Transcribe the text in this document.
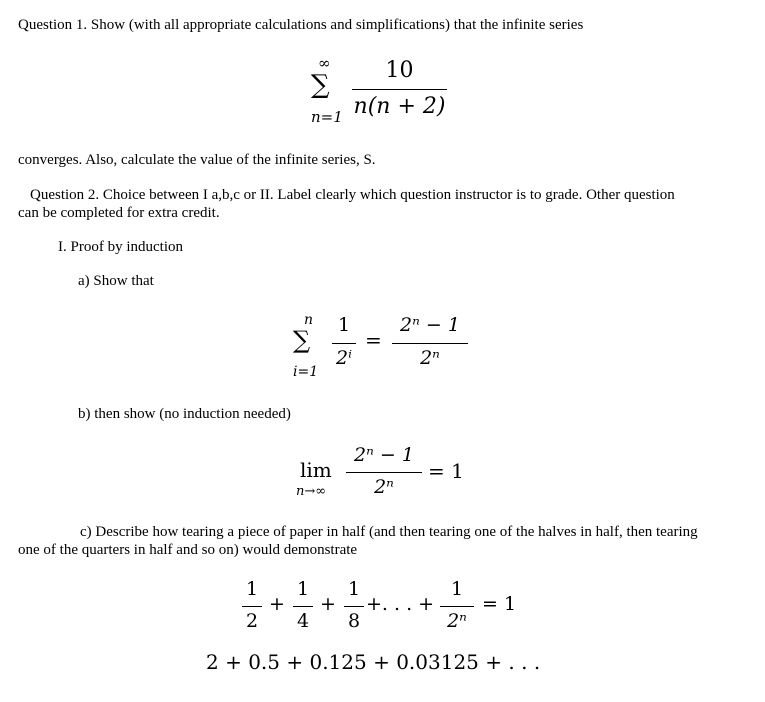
Question 1. Show (with all appropriate calculations and simplifications) that the infinite series
∞
∑
n=1
10
n(n + 2)
converges. Also, calculate the value of the infinite series, S.
Question 2. Choice between I a,b,c or II. Label clearly which question instructor is to grade. Other question
can be completed for extra credit.
I. Proof by induction
a) Show that
n
∑
i=1
1
2ⁱ
=
2ⁿ − 1
2ⁿ
b) then show (no induction needed)
lim
n→∞
2ⁿ − 1
2ⁿ
= 1
c) Describe how tearing a piece of paper in half (and then tearing one of the halves in half, then tearing
one of the quarters in half and so on) would demonstrate
1
2
+
1
4
+
1
8
+. . . +
1
2ⁿ
= 1
2 + 0.5 + 0.125 + 0.03125 + . . .
